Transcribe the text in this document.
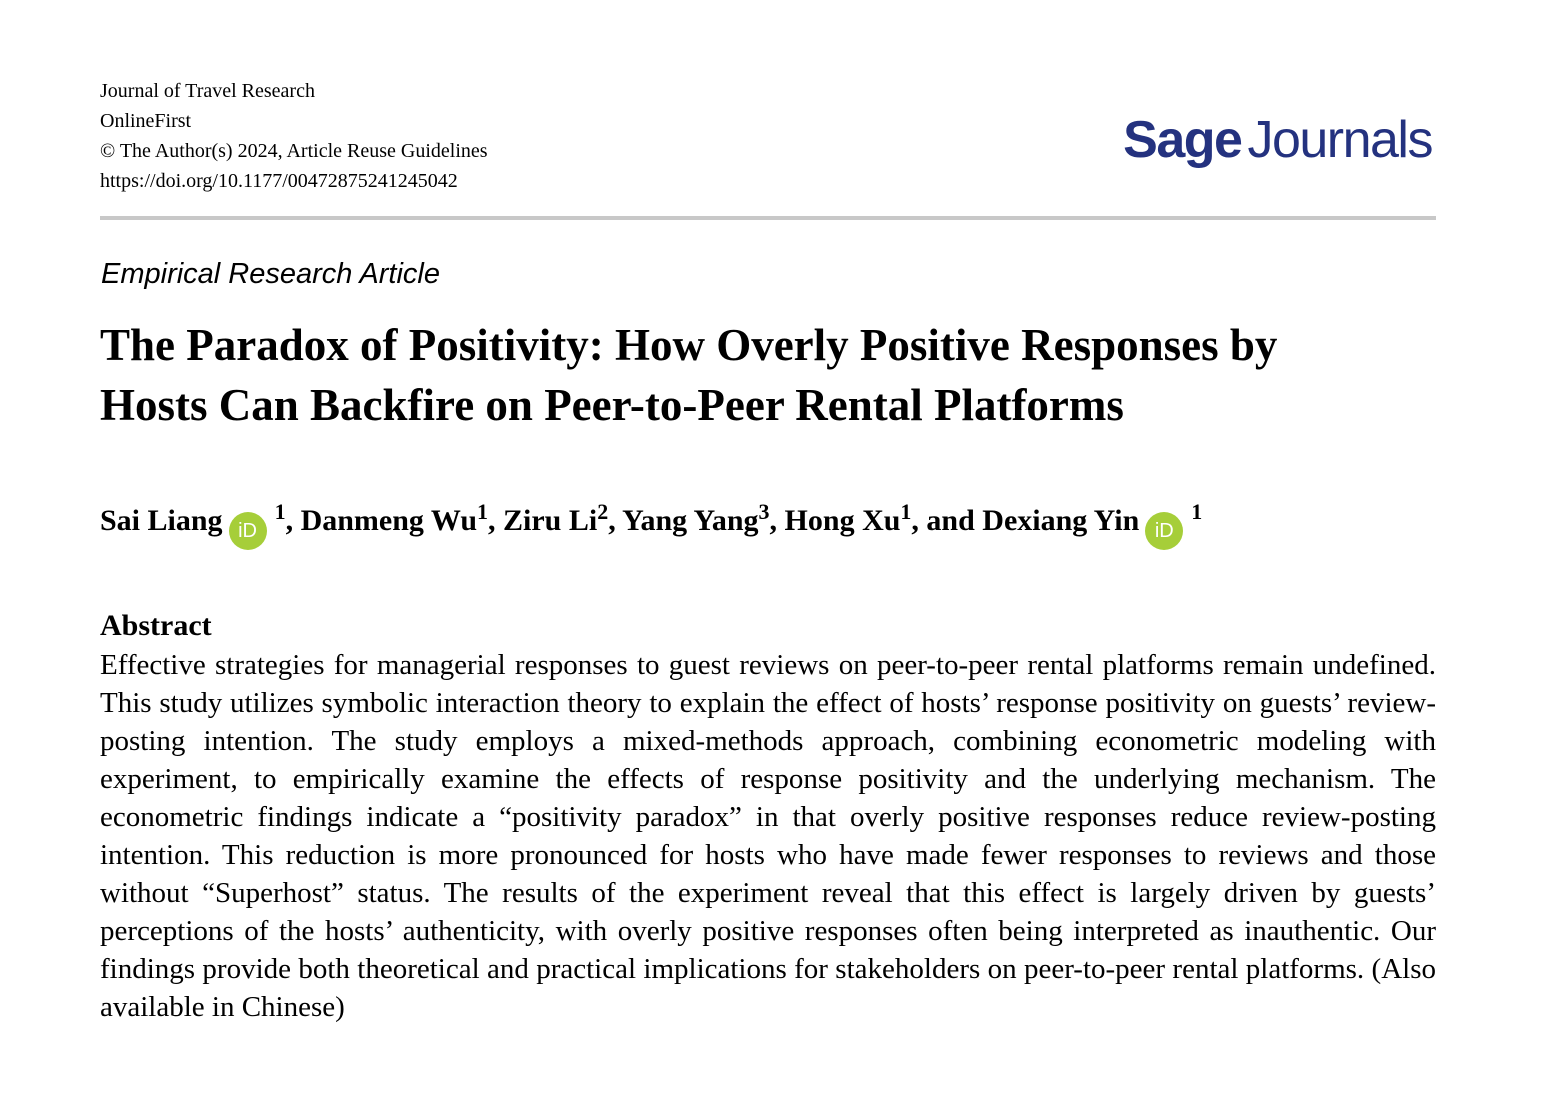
Journal of Travel Research
OnlineFirst
© The Author(s) 2024, Article Reuse Guidelines
https://doi.org/10.1177/00472875241245042
Sage Journals
Empirical Research Article
The Paradox of Positivity: How Overly Positive Responses by
Hosts Can Backfire on Peer-to-Peer Rental Platforms
Sai Liang $iD^1$, Danmeng Wu$^1$, Ziru Li$^2$, Yang Yang$^3$, Hong Xu$^1$, and Dexiang Yin $iD^1$
Abstract

Effective strategies for managerial responses to guest reviews on peer-to-peer rental platforms remain undefined. This study utilizes symbolic interaction theory to explain the effect of hosts’ response positivity on guests’ review-posting intention. The study employs a mixed-methods approach, combining econometric modeling with experiment, to empirically examine the effects of response positivity and the underlying mechanism. The econometric findings indicate a “positivity paradox” in that overly positive responses reduce review-posting intention. This reduction is more pronounced for hosts who have made fewer responses to reviews and those without “Superhost” status. The results of the experiment reveal that this effect is largely driven by guests’ perceptions of the hosts’ authenticity, with overly positive responses often being interpreted as inauthentic. Our findings provide both theoretical and practical implications for stakeholders on peer-to-peer rental platforms. (Also available in Chinese)
